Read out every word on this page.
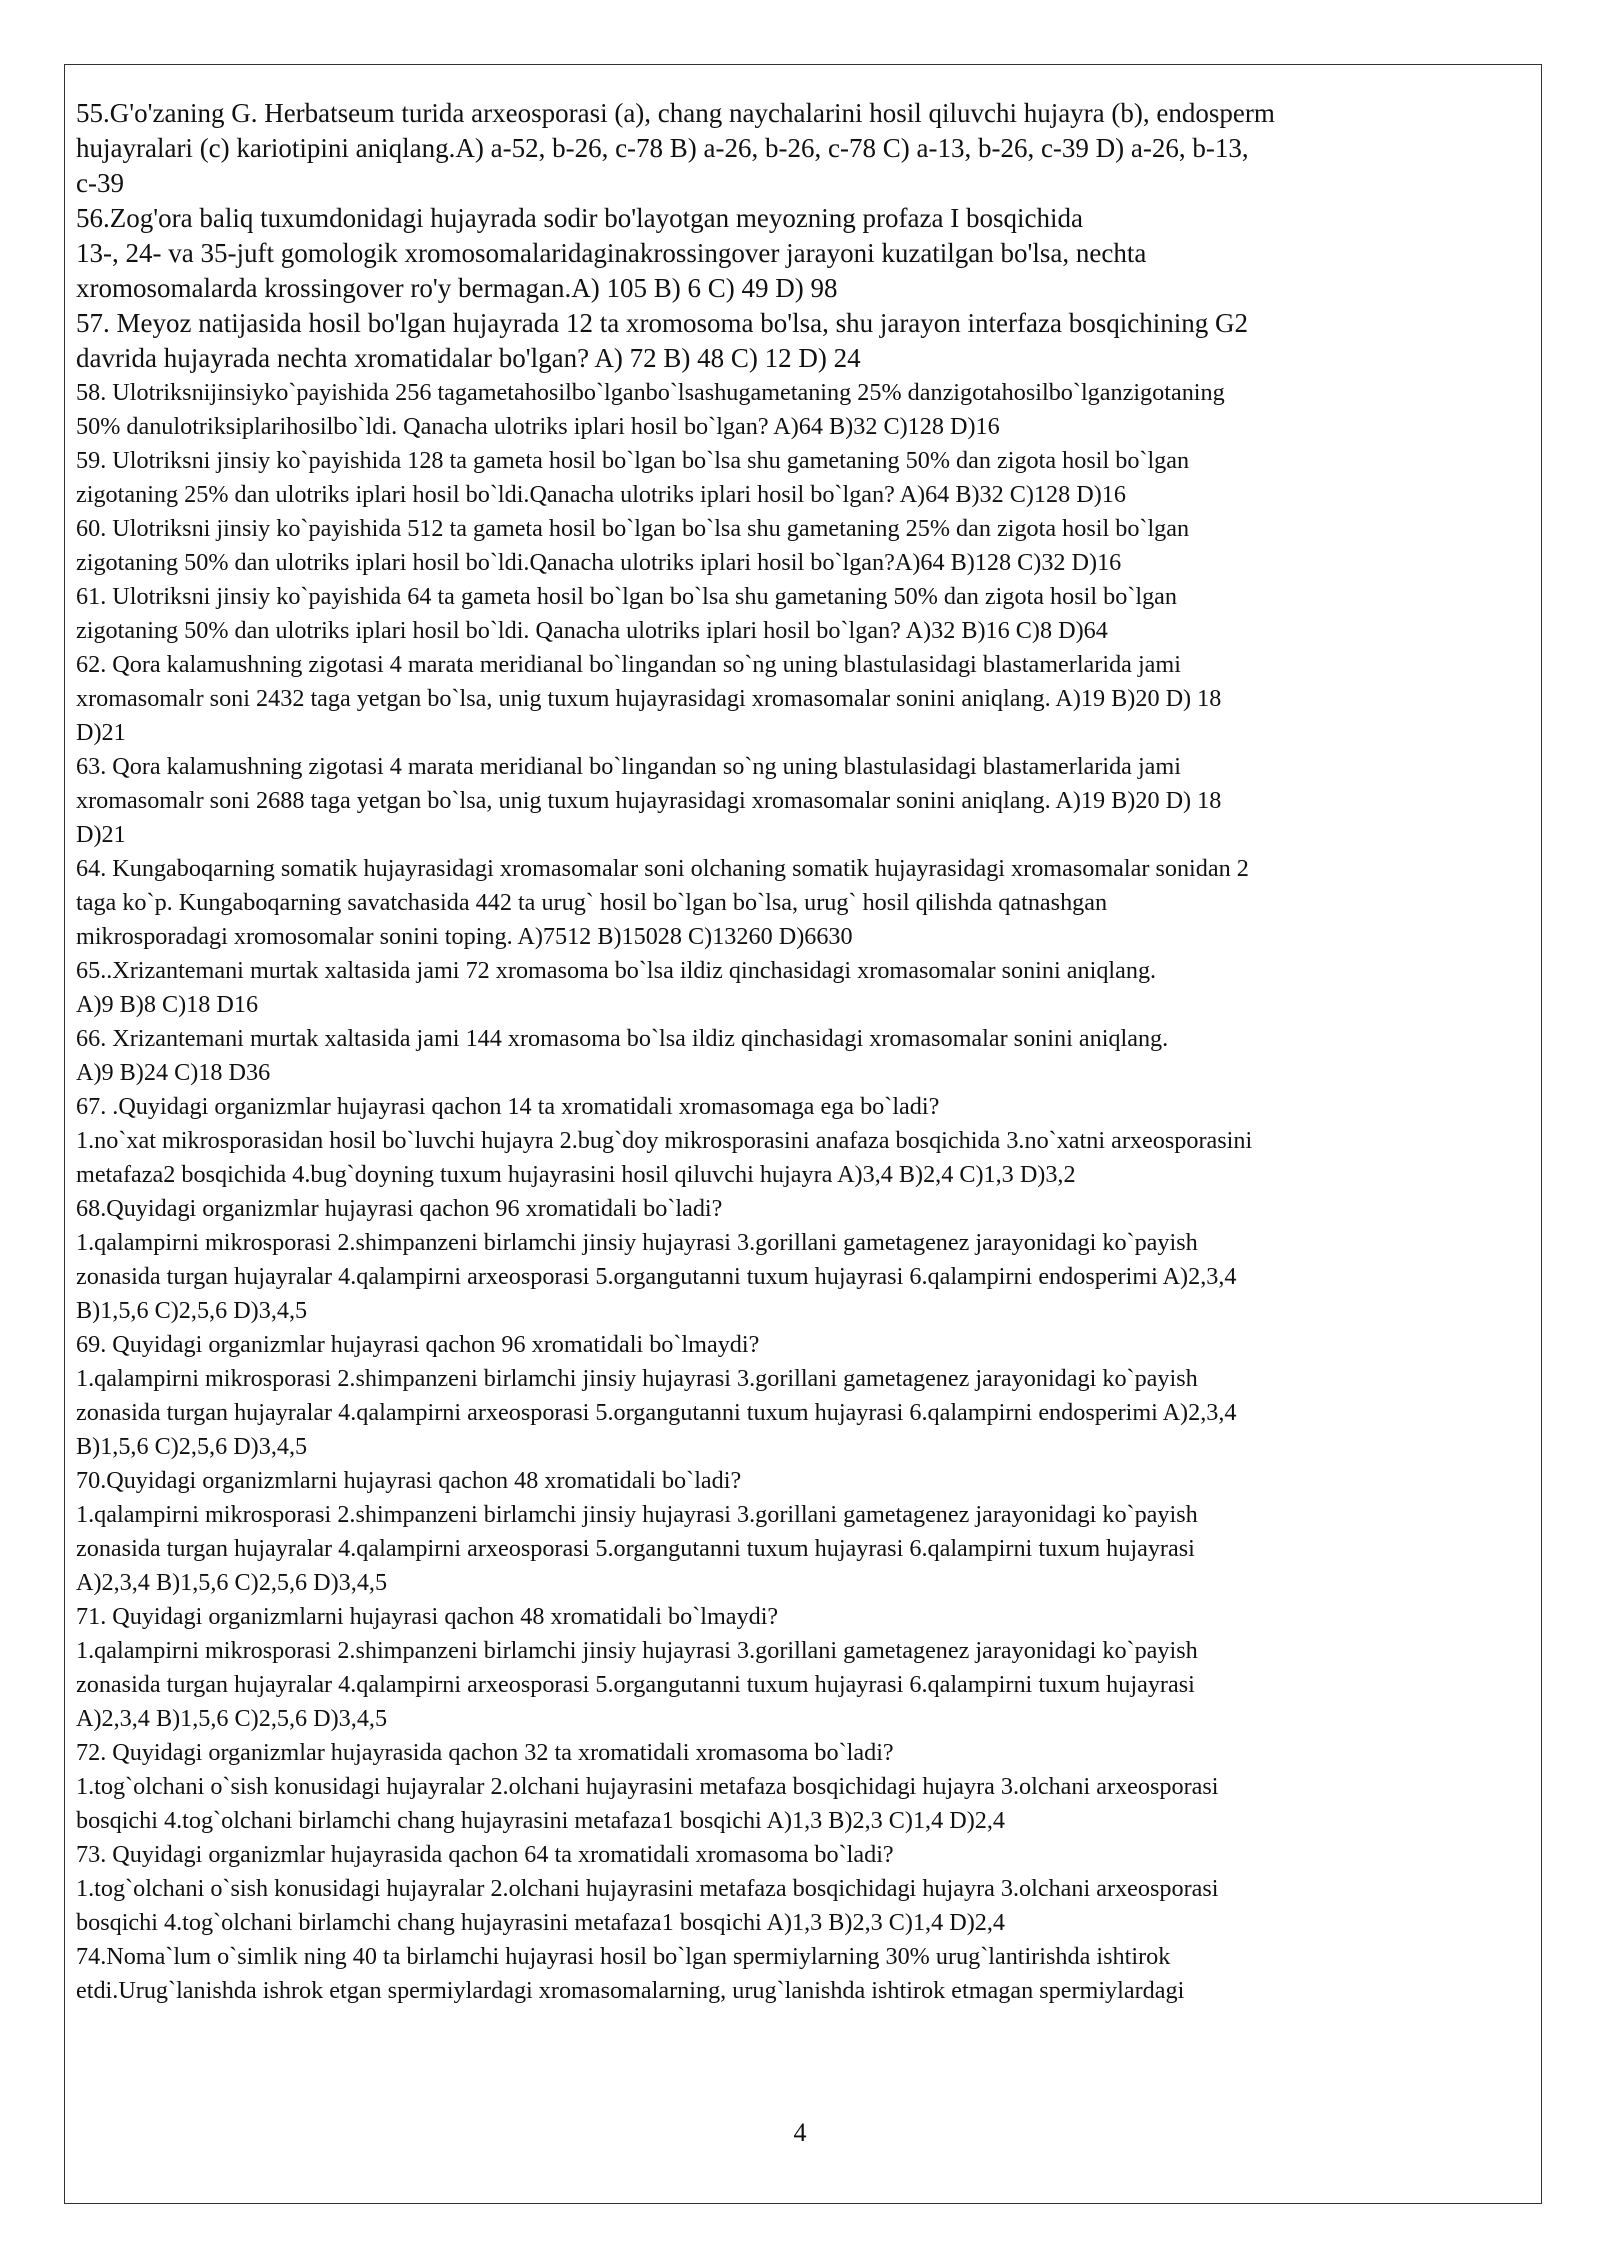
55.G'o'zaning G. Herbatseum turida arxeosporasi (a), chang naychalarini hosil qiluvchi hujayra (b), endosperm

hujayralari (c) kariotipini aniqlang.A) a-52, b-26, c-78 B) a-26, b-26, c-78 C) a-13, b-26, c-39 D) a-26, b-13,

c-39

56.Zog'ora baliq tuxumdonidagi hujayrada sodir bo'layotgan meyozning profaza I bosqichida

13-, 24- va 35-juft gomologik xromosomalaridaginakrossingover jarayoni kuzatilgan bo'lsa, nechta

xromosomalarda krossingover ro'y bermagan.A) 105 B) 6 C) 49 D) 98

57. Meyoz natijasida hosil bo'lgan hujayrada 12 ta xromosoma bo'lsa, shu jarayon interfaza bosqichining G2

davrida hujayrada nechta xromatidalar bo'lgan? A) 72 B) 48 C) 12 D) 24

58. Ulotriksnijinsiyko`payishida 256 tagametahosilbo`lganbo`lsashugametaning 25% danzigotahosilbo`lganzigotaning

50% danulotriksiplarihosilbo`ldi. Qanacha ulotriks iplari hosil bo`lgan? A)64 B)32 C)128 D)16

59. Ulotriksni jinsiy ko`payishida 128 ta gameta hosil bo`lgan bo`lsa shu gametaning 50% dan zigota hosil bo`lgan

zigotaning 25% dan ulotriks iplari hosil bo`ldi.Qanacha ulotriks iplari hosil bo`lgan? A)64 B)32 C)128 D)16

60. Ulotriksni jinsiy ko`payishida 512 ta gameta hosil bo`lgan bo`lsa shu gametaning 25% dan zigota hosil bo`lgan

zigotaning 50% dan ulotriks iplari hosil bo`ldi.Qanacha ulotriks iplari hosil bo`lgan?A)64 B)128 C)32 D)16

61. Ulotriksni jinsiy ko`payishida 64 ta gameta hosil bo`lgan bo`lsa shu gametaning 50% dan zigota hosil bo`lgan

zigotaning 50% dan ulotriks iplari hosil bo`ldi. Qanacha ulotriks iplari hosil bo`lgan? A)32 B)16 C)8 D)64

62. Qora kalamushning zigotasi 4 marata meridianal bo`lingandan so`ng uning blastulasidagi blastamerlarida jami

xromasomalr soni 2432 taga yetgan bo`lsa, unig tuxum hujayrasidagi xromasomalar sonini aniqlang. A)19 B)20 D) 18

D)21

63. Qora kalamushning zigotasi 4 marata meridianal bo`lingandan so`ng uning blastulasidagi blastamerlarida jami

xromasomalr soni 2688 taga yetgan bo`lsa, unig tuxum hujayrasidagi xromasomalar sonini aniqlang. A)19 B)20 D) 18

D)21

64. Kungaboqarning somatik hujayrasidagi xromasomalar soni olchaning somatik hujayrasidagi xromasomalar sonidan 2

taga ko`p. Kungaboqarning savatchasida 442 ta urug` hosil bo`lgan bo`lsa, urug` hosil qilishda qatnashgan

mikrosporadagi xromosomalar sonini toping. A)7512 B)15028 C)13260 D)6630

65..Xrizantemani murtak xaltasida jami 72 xromasoma bo`lsa ildiz qinchasidagi xromasomalar sonini aniqlang.

A)9 B)8 C)18 D16

66. Xrizantemani murtak xaltasida jami 144 xromasoma bo`lsa ildiz qinchasidagi xromasomalar sonini aniqlang.

A)9 B)24 C)18 D36

67. .Quyidagi organizmlar hujayrasi qachon 14 ta xromatidali xromasomaga ega bo`ladi?

1.no`xat mikrosporasidan hosil bo`luvchi hujayra 2.bug`doy mikrosporasini anafaza bosqichida 3.no`xatni arxeosporasini

metafaza2 bosqichida 4.bug`doyning tuxum hujayrasini hosil qiluvchi hujayra A)3,4 B)2,4 C)1,3 D)3,2

68.Quyidagi organizmlar hujayrasi qachon 96 xromatidali bo`ladi?

1.qalampirni mikrosporasi 2.shimpanzeni birlamchi jinsiy hujayrasi 3.gorillani gametagenez jarayonidagi ko`payish

zonasida turgan hujayralar 4.qalampirni arxeosporasi 5.organgutanni tuxum hujayrasi 6.qalampirni endosperimi A)2,3,4

B)1,5,6 C)2,5,6 D)3,4,5

69. Quyidagi organizmlar hujayrasi qachon 96 xromatidali bo`lmaydi?

1.qalampirni mikrosporasi 2.shimpanzeni birlamchi jinsiy hujayrasi 3.gorillani gametagenez jarayonidagi ko`payish

zonasida turgan hujayralar 4.qalampirni arxeosporasi 5.organgutanni tuxum hujayrasi 6.qalampirni endosperimi A)2,3,4

B)1,5,6 C)2,5,6 D)3,4,5

70.Quyidagi organizmlarni hujayrasi qachon 48 xromatidali bo`ladi?

1.qalampirni mikrosporasi 2.shimpanzeni birlamchi jinsiy hujayrasi 3.gorillani gametagenez jarayonidagi ko`payish

zonasida turgan hujayralar 4.qalampirni arxeosporasi 5.organgutanni tuxum hujayrasi 6.qalampirni tuxum hujayrasi

A)2,3,4 B)1,5,6 C)2,5,6 D)3,4,5

71. Quyidagi organizmlarni hujayrasi qachon 48 xromatidali bo`lmaydi?

1.qalampirni mikrosporasi 2.shimpanzeni birlamchi jinsiy hujayrasi 3.gorillani gametagenez jarayonidagi ko`payish

zonasida turgan hujayralar 4.qalampirni arxeosporasi 5.organgutanni tuxum hujayrasi 6.qalampirni tuxum hujayrasi

A)2,3,4 B)1,5,6 C)2,5,6 D)3,4,5

72. Quyidagi organizmlar hujayrasida qachon 32 ta xromatidali xromasoma bo`ladi?

1.tog`olchani o`sish konusidagi hujayralar 2.olchani hujayrasini metafaza bosqichidagi hujayra 3.olchani arxeosporasi

bosqichi 4.tog`olchani birlamchi chang hujayrasini metafaza1 bosqichi A)1,3 B)2,3 C)1,4 D)2,4

73. Quyidagi organizmlar hujayrasida qachon 64 ta xromatidali xromasoma bo`ladi?

1.tog`olchani o`sish konusidagi hujayralar 2.olchani hujayrasini metafaza bosqichidagi hujayra 3.olchani arxeosporasi

bosqichi 4.tog`olchani birlamchi chang hujayrasini metafaza1 bosqichi A)1,3 B)2,3 C)1,4 D)2,4

74.Noma`lum o`simlik ning 40 ta birlamchi hujayrasi hosil bo`lgan spermiylarning 30% urug`lantirishda ishtirok

etdi.Urug`lanishda ishrok etgan spermiylardagi xromasomalarning, urug`lanishda ishtirok etmagan spermiylardagi

4
